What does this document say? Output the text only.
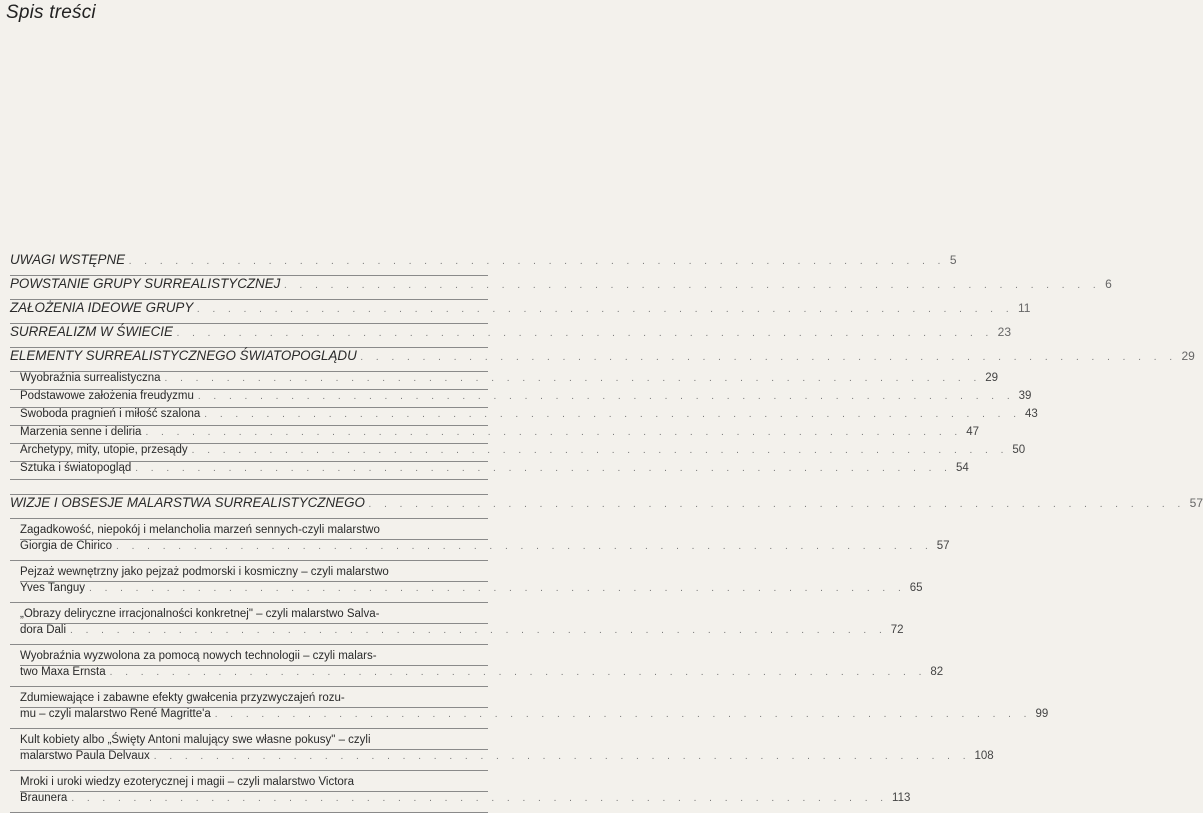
Spis treści
UWAGI WSTĘPNE . . . . . . . . . . . . . . . . . . . . . . . . . . . . . . . . . . . . . . . . . . . . . . . . . . . . . 5
POWSTANIE GRUPY SURREALISTYCZNEJ . . . . . . . . . . . . . . . . . . . . . . . . . . . . . . . . . . . . . . . . . . . . . . . . . . . . . 6
ZAŁOŻENIA IDEOWE GRUPY . . . . . . . . . . . . . . . . . . . . . . . . . . . . . . . . . . . . . . . . . . . . . . . . . . . . . 11
SURREALIZM W ŚWIECIE . . . . . . . . . . . . . . . . . . . . . . . . . . . . . . . . . . . . . . . . . . . . . . . . . . . . . 23
ELEMENTY SURREALISTYCZNEGO ŚWIATOPOGLĄDU . . . . . . . . . . . . . . . . . . . . . . . . . . . . . . . . . . . . . . . . . . . . . . . . . . . . . 29
Wyobraźnia surrealistyczna . . . . . . . . . . . . . . . . . . . . . . . . . . . . . . . . . . . . . . . . . . . . . . . . . . . . . 29
Podstawowe założenia freudyzmu . . . . . . . . . . . . . . . . . . . . . . . . . . . . . . . . . . . . . . . . . . . . . . . . . . . . . 39
Swoboda pragnień i miłość szalona . . . . . . . . . . . . . . . . . . . . . . . . . . . . . . . . . . . . . . . . . . . . . . . . . . . . . 43
Marzenia senne i deliria . . . . . . . . . . . . . . . . . . . . . . . . . . . . . . . . . . . . . . . . . . . . . . . . . . . . . 47
Archetypy, mity, utopie, przesądy . . . . . . . . . . . . . . . . . . . . . . . . . . . . . . . . . . . . . . . . . . . . . . . . . . . . . 50
Sztuka i światopogląd . . . . . . . . . . . . . . . . . . . . . . . . . . . . . . . . . . . . . . . . . . . . . . . . . . . . . 54
WIZJE I OBSESJE MALARSTWA SURREALISTYCZNEGO . . . . . . . . . . . . . . . . . . . . . . . . . . . . . . . . . . . . . . . . . . . . . . . . . . . . . 57
Zagadkowość, niepokój i melancholia marzeń sennych-czyli malarstwo
Giorgia de Chirico . . . . . . . . . . . . . . . . . . . . . . . . . . . . . . . . . . . . . . . . . . . . . . . . . . . . . 57
Pejzaż wewnętrzny jako pejzaż podmorski i kosmiczny – czyli malarstwo
Yves Tanguy . . . . . . . . . . . . . . . . . . . . . . . . . . . . . . . . . . . . . . . . . . . . . . . . . . . . . 65
„Obrazy deliryczne irracjonalności konkretnej" – czyli malarstwo Salva-
dora Dali . . . . . . . . . . . . . . . . . . . . . . . . . . . . . . . . . . . . . . . . . . . . . . . . . . . . . 72
Wyobraźnia wyzwolona za pomocą nowych technologii – czyli malars-
two Maxa Ernsta . . . . . . . . . . . . . . . . . . . . . . . . . . . . . . . . . . . . . . . . . . . . . . . . . . . . . 82
Zdumiewające i zabawne efekty gwałcenia przyzwyczajeń rozu-
mu – czyli malarstwo René Magritte'a . . . . . . . . . . . . . . . . . . . . . . . . . . . . . . . . . . . . . . . . . . . . . . . . . . . . . 99
Kult kobiety albo „Święty Antoni malujący swe własne pokusy" – czyli
malarstwo Paula Delvaux . . . . . . . . . . . . . . . . . . . . . . . . . . . . . . . . . . . . . . . . . . . . . . . . . . . . . 108
Mroki i uroki wiedzy ezoterycznej i magii – czyli malarstwo Victora
Braunera . . . . . . . . . . . . . . . . . . . . . . . . . . . . . . . . . . . . . . . . . . . . . . . . . . . . . 113
